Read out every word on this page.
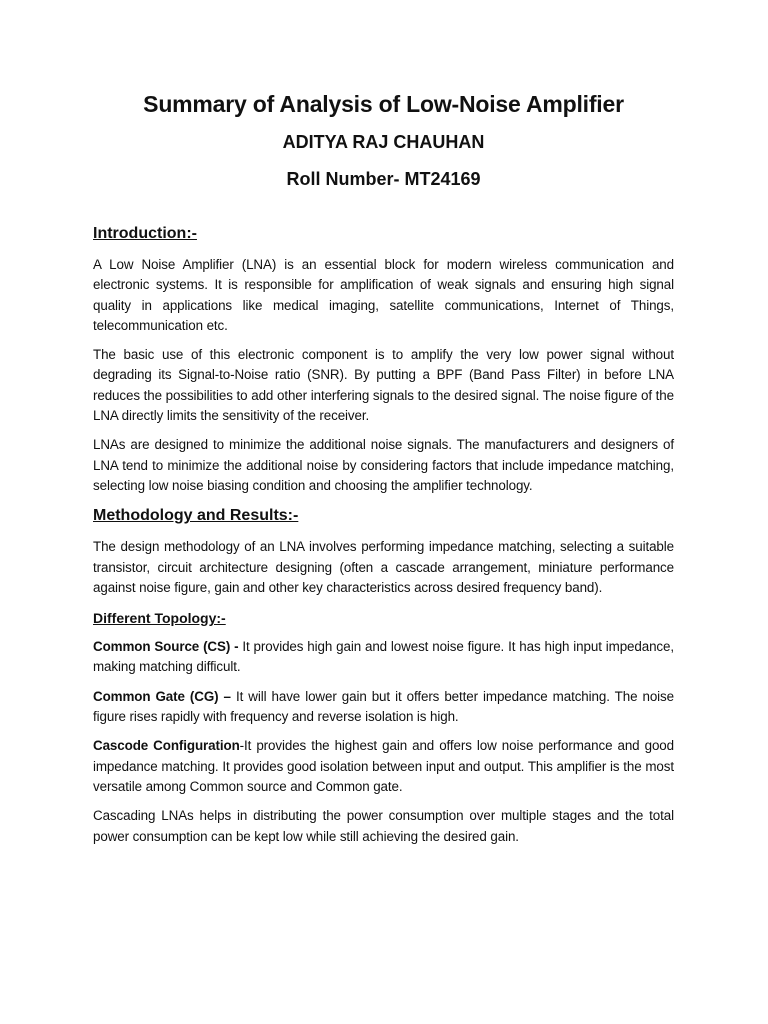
Summary of Analysis of Low-Noise Amplifier
ADITYA RAJ CHAUHAN
Roll Number- MT24169
Introduction:-

A Low Noise Amplifier (LNA) is an essential block for modern wireless communication and electronic systems. It is responsible for amplification of weak signals and ensuring high signal quality in applications like medical imaging, satellite communications, Internet of Things, telecommunication etc.

The basic use of this electronic component is to amplify the very low power signal without degrading its Signal-to-Noise ratio (SNR). By putting a BPF (Band Pass Filter) in before LNA reduces the possibilities to add other interfering signals to the desired signal. The noise figure of the LNA directly limits the sensitivity of the receiver.

LNAs are designed to minimize the additional noise signals. The manufacturers and designers of LNA tend to minimize the additional noise by considering factors that include impedance matching, selecting low noise biasing condition and choosing the amplifier technology.

Methodology and Results:-

The design methodology of an LNA involves performing impedance matching, selecting a suitable transistor, circuit architecture designing (often a cascade arrangement, miniature performance against noise figure, gain and other key characteristics across desired frequency band).

Different Topology:-

Common Source (CS) - It provides high gain and lowest noise figure. It has high input impedance, making matching difficult.

Common Gate (CG) – It will have lower gain but it offers better impedance matching. The noise figure rises rapidly with frequency and reverse isolation is high.

Cascode Configuration-It provides the highest gain and offers low noise performance and good impedance matching. It provides good isolation between input and output. This amplifier is the most versatile among Common source and Common gate.

Cascading LNAs helps in distributing the power consumption over multiple stages and the total power consumption can be kept low while still achieving the desired gain.
